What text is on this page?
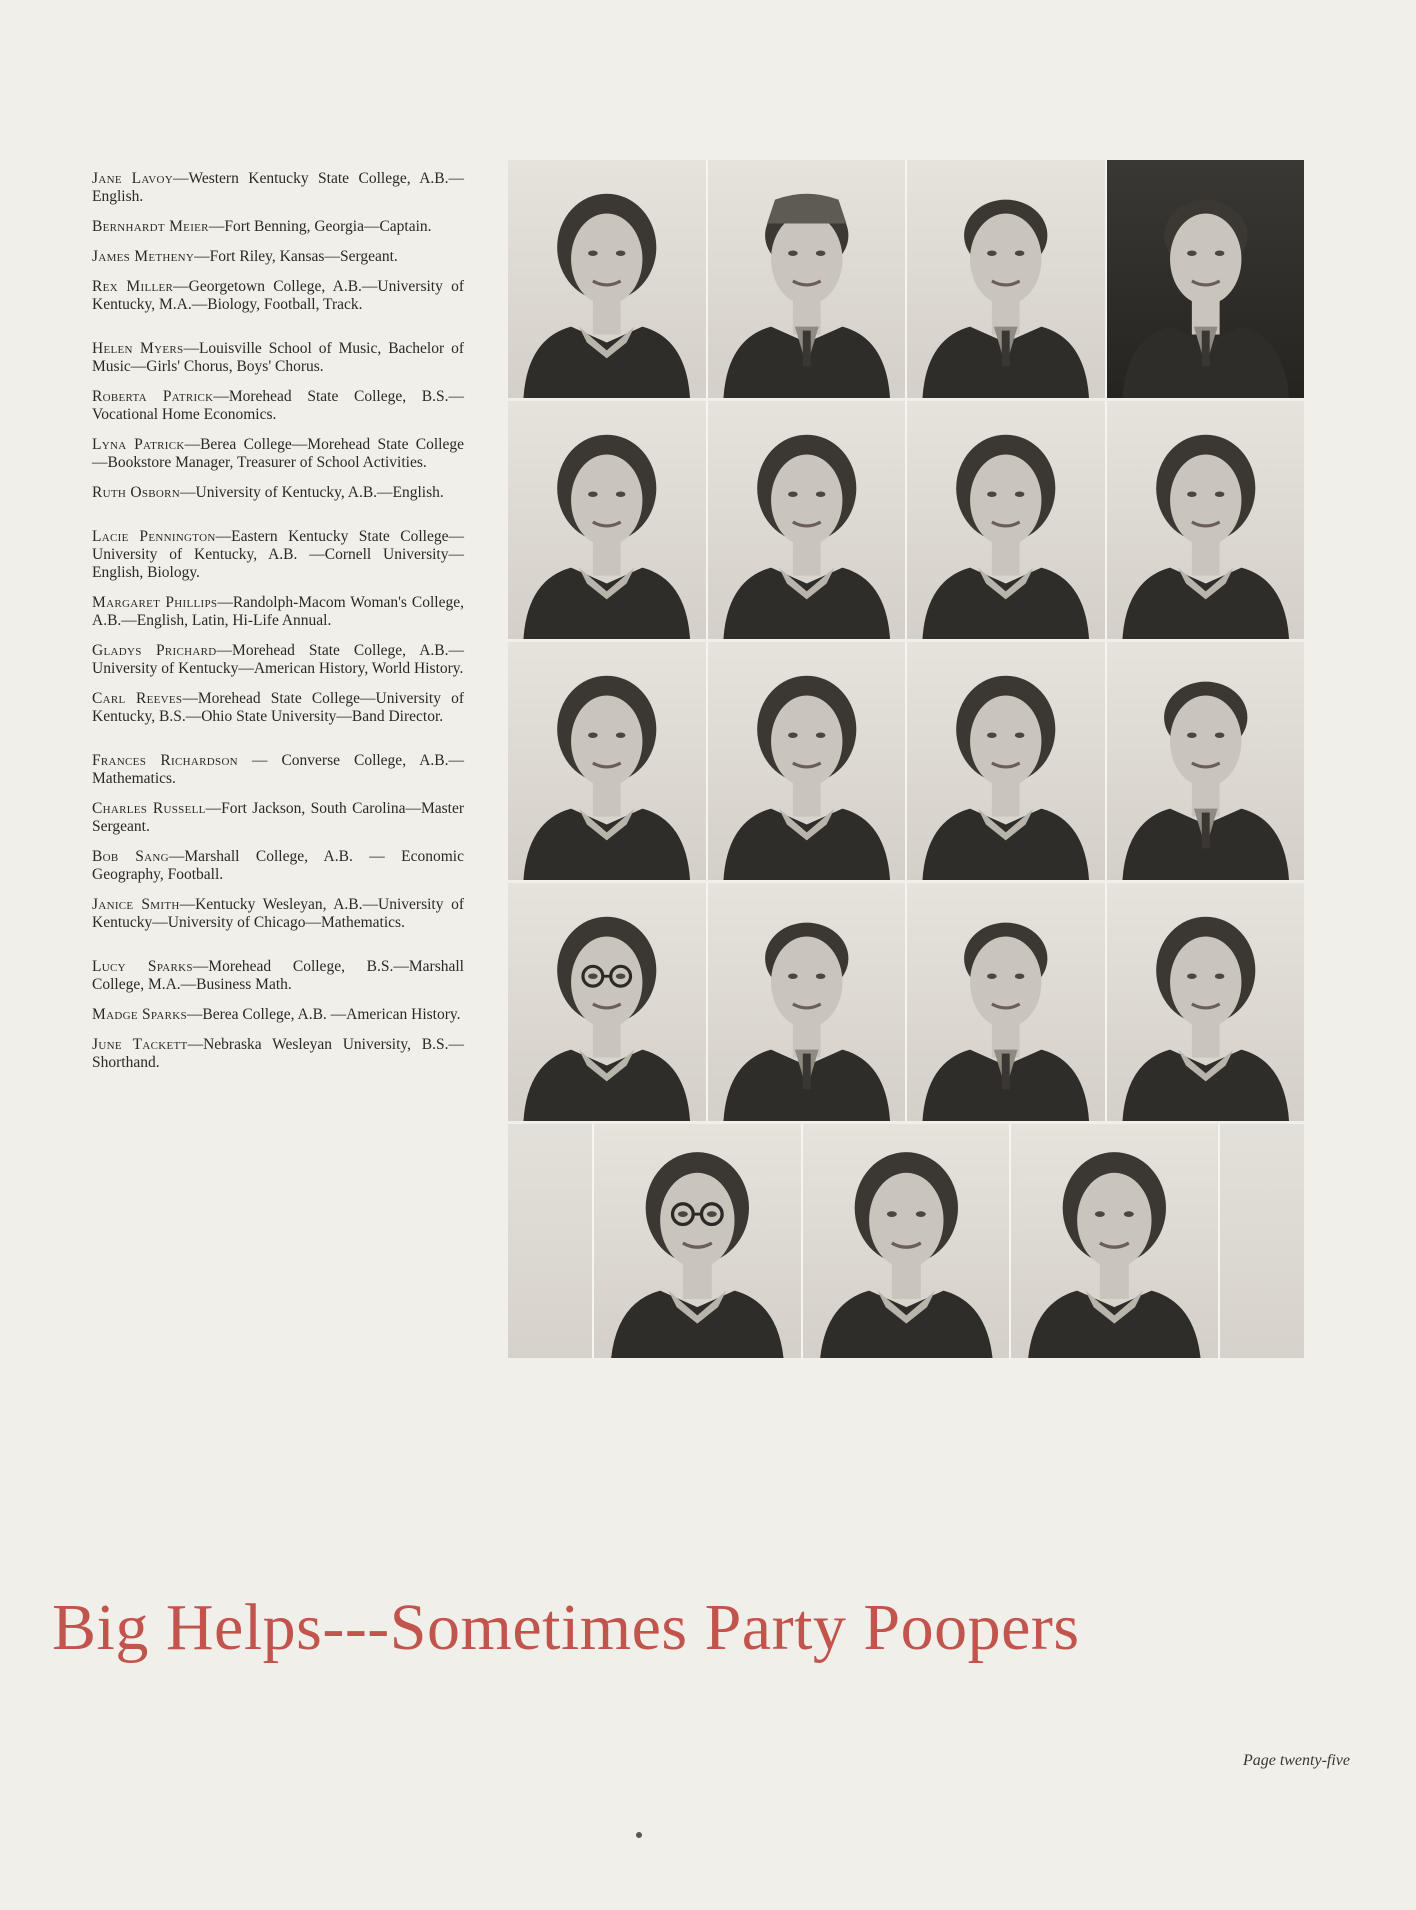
Jane Lavoy—Western Kentucky State College, A.B.—English.

Bernhardt Meier—Fort Benning, Georgia—Captain.

James Metheny—Fort Riley, Kansas—Sergeant.

Rex Miller—Georgetown College, A.B.—University of Kentucky, M.A.—Biology, Football, Track.

Helen Myers—Louisville School of Music, Bachelor of Music—Girls' Chorus, Boys' Chorus.

Roberta Patrick—Morehead State College, B.S.—Vocational Home Economics.

Lyna Patrick—Berea College—Morehead State College—Bookstore Manager, Treasurer of School Activities.

Ruth Osborn—University of Kentucky, A.B.—English.

Lacie Pennington—Eastern Kentucky State College—University of Kentucky, A.B. —Cornell University—English, Biology.

Margaret Phillips—Randolph-Macom Woman's College, A.B.—English, Latin, Hi-Life Annual.

Gladys Prichard—Morehead State College, A.B.—University of Kentucky—American History, World History.

Carl Reeves—Morehead State College—University of Kentucky, B.S.—Ohio State University—Band Director.

Frances Richardson — Converse College, A.B.—Mathematics.

Charles Russell—Fort Jackson, South Carolina—Master Sergeant.

Bob Sang—Marshall College, A.B. — Economic Geography, Football.

Janice Smith—Kentucky Wesleyan, A.B.—University of Kentucky—University of Chicago—Mathematics.

Lucy Sparks—Morehead College, B.S.—Marshall College, M.A.—Business Math.

Madge Sparks—Berea College, A.B. —American History.

June Tackett—Nebraska Wesleyan University, B.S.—Shorthand.

Big Helps---Sometimes Party Poopers
Page twenty-five
